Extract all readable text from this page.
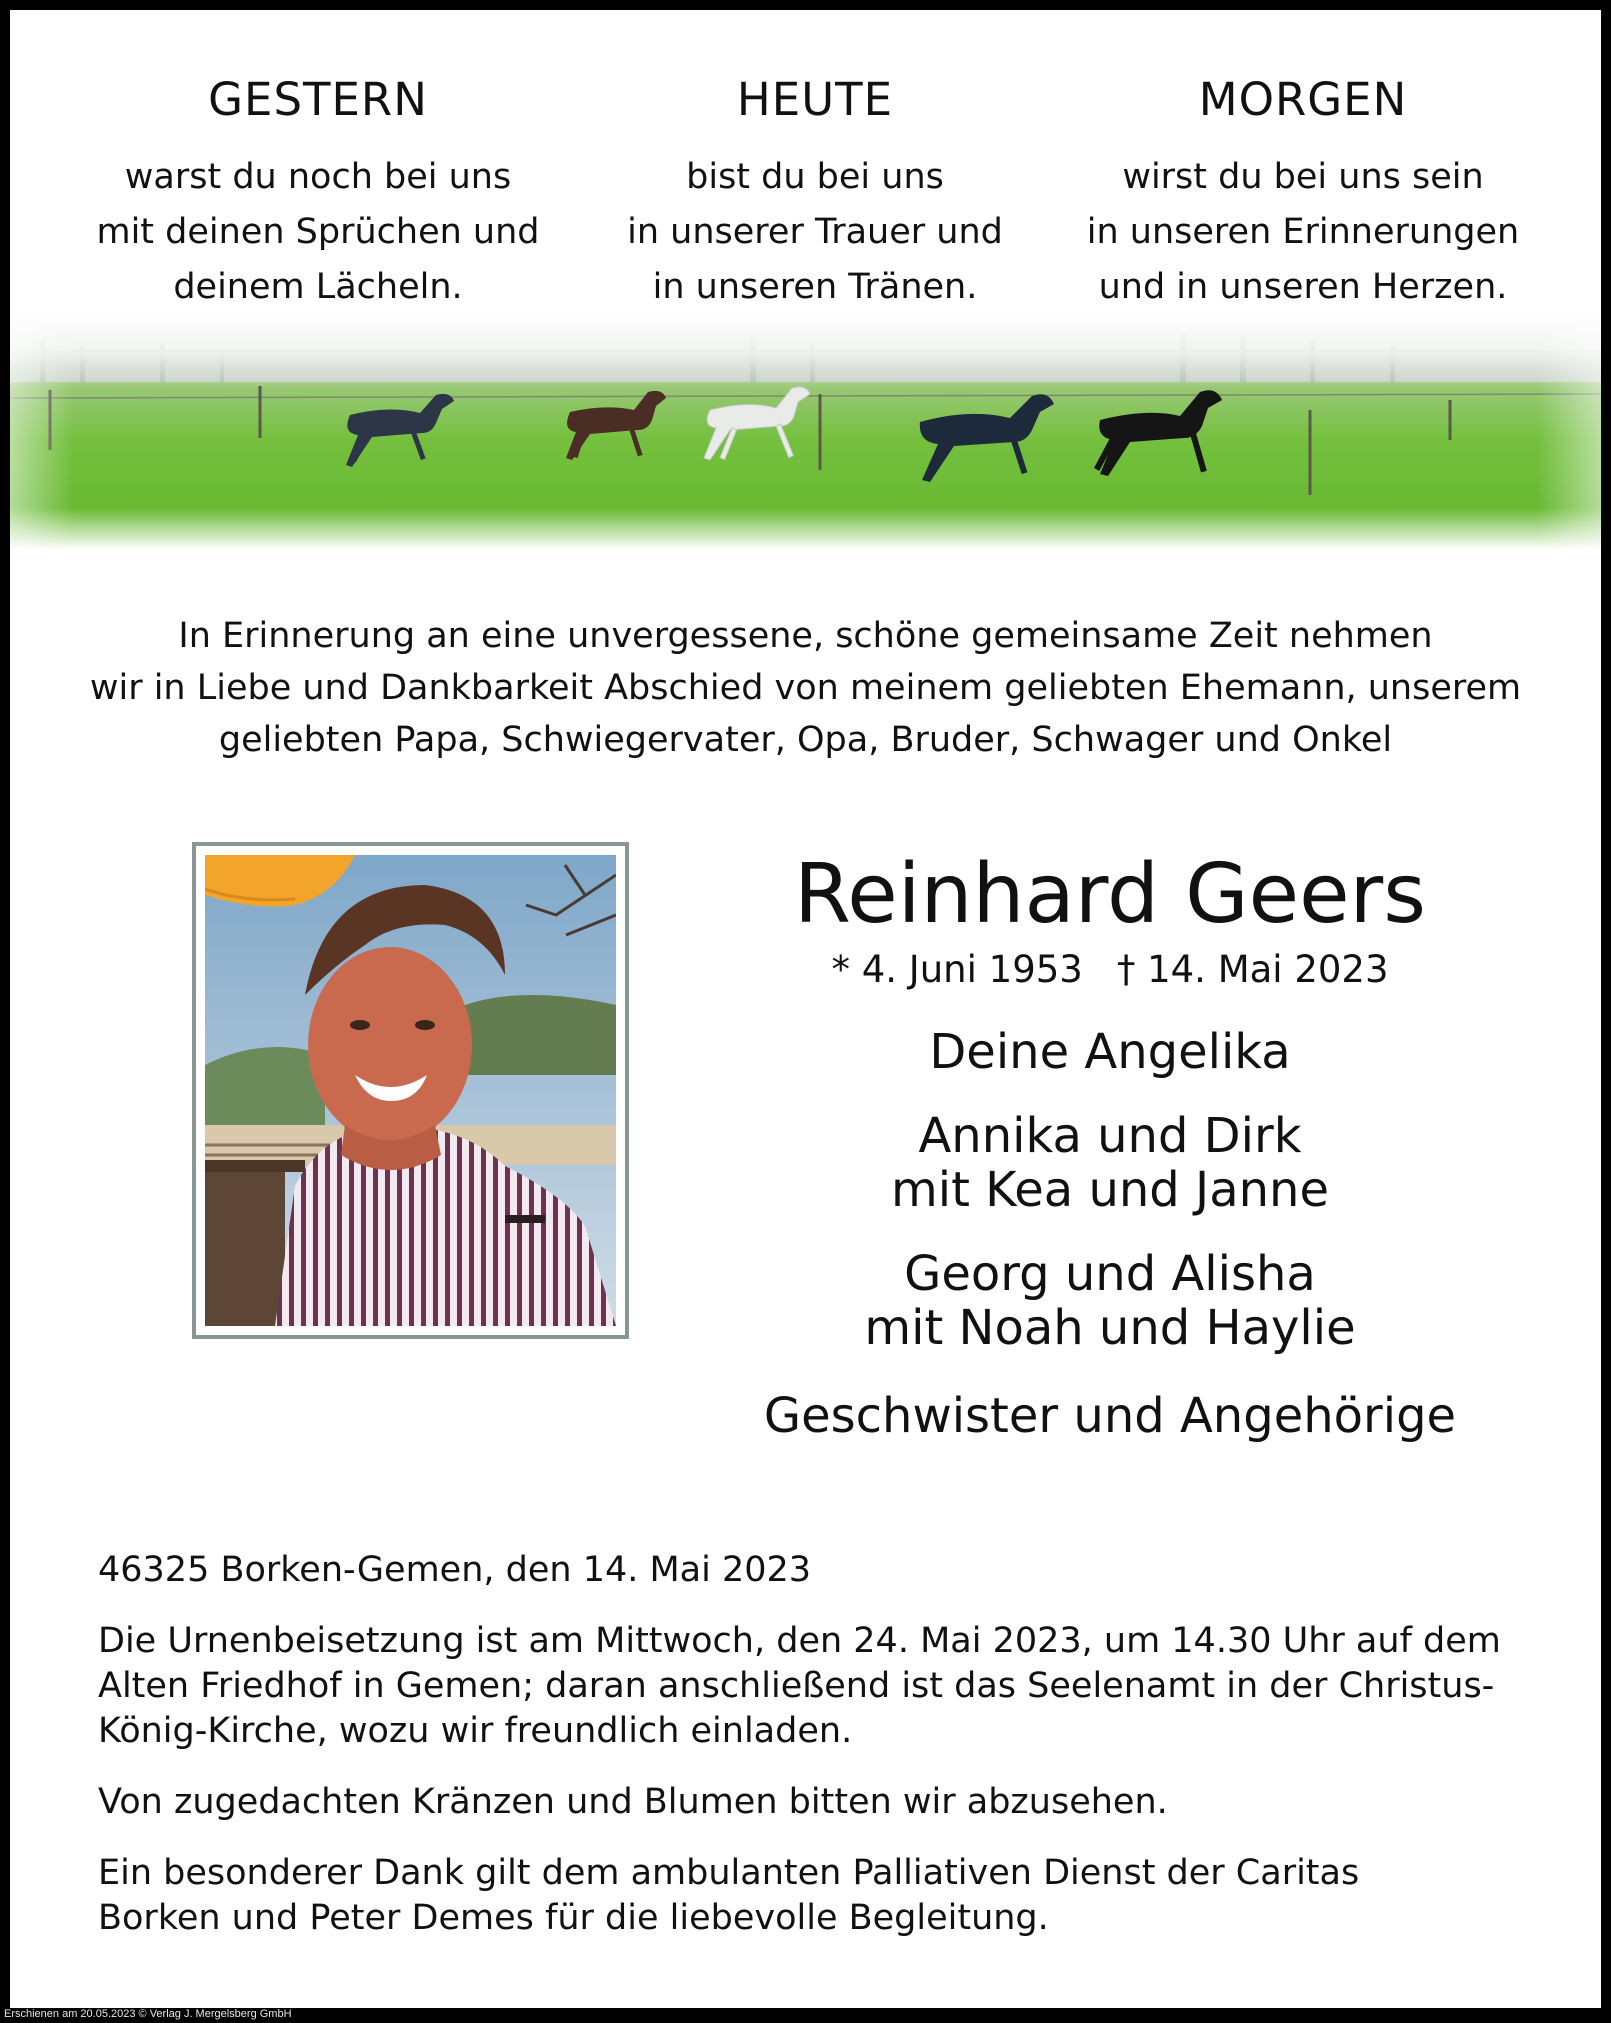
GESTERN
warst du noch bei uns
mit deinen Sprüchen und
deinem Lächeln.
HEUTE
bist du bei uns
in unserer Trauer und
in unseren Tränen.
MORGEN
wirst du bei uns sein
in unseren Erinnerungen
und in unseren Herzen.
In Erinnerung an eine unvergessene, schöne gemeinsame Zeit nehmen
wir in Liebe und Dankbarkeit Abschied von meinem geliebten Ehemann, unserem
geliebten Papa, Schwiegervater, Opa, Bruder, Schwager und Onkel
Reinhard Geers
* 4. Juni 1953 † 14. Mai 2023
Deine Angelika
Annika und Dirk
mit Kea und Janne
Georg und Alisha
mit Noah und Haylie
Geschwister und Angehörige
46325 Borken-Gemen, den 14. Mai 2023
Die Urnenbeisetzung ist am Mittwoch, den 24. Mai 2023, um 14.30 Uhr auf dem
Alten Friedhof in Gemen; daran anschließend ist das Seelenamt in der Christus-
König-Kirche, wozu wir freundlich einladen.
Von zugedachten Kränzen und Blumen bitten wir abzusehen.
Ein besonderer Dank gilt dem ambulanten Palliativen Dienst der Caritas
Borken und Peter Demes für die liebevolle Begleitung.
Erschienen am 20.05.2023 © Verlag J. Mergelsberg GmbH
